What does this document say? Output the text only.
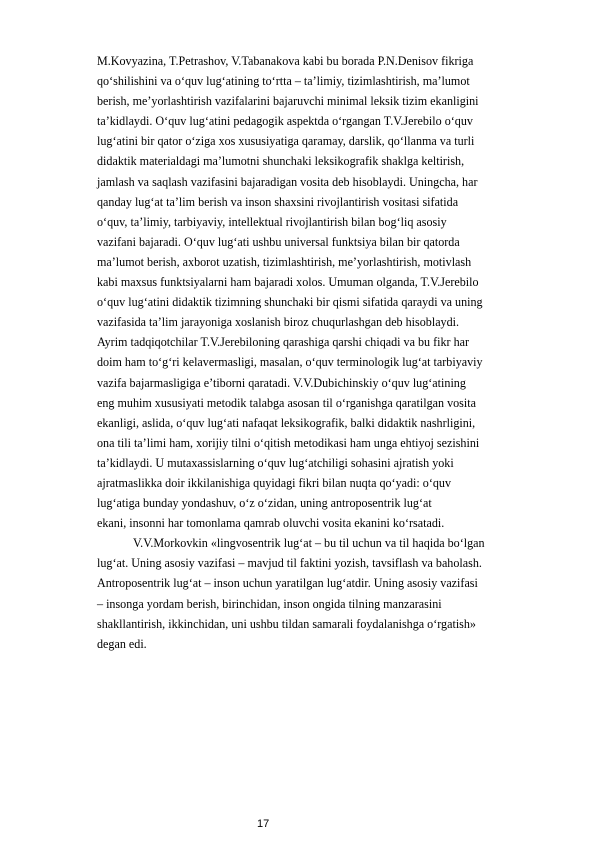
M.Kovyazina, T.Petrashov, V.Tabanakova kabi bu borada P.N.Denisov fikriga
qo‘shilishini va o‘quv lug‘atining to‘rtta – ta’limiy, tizimlashtirish, ma’lumot
berish, me’yorlashtirish vazifalarini bajaruvchi minimal leksik tizim ekanligini
ta’kidlaydi. O‘quv lug‘atini pedagogik aspektda o‘rgangan T.V.Jerebilo o‘quv
lug‘atini bir qator o‘ziga xos xususiyatiga qaramay, darslik, qo‘llanma va turli
didaktik materialdagi ma’lumotni shunchaki leksikografik shaklga keltirish,
jamlash va saqlash vazifasini bajaradigan vosita deb hisoblaydi. Uningcha, har
qanday lug‘at ta’lim berish va inson shaxsini rivojlantirish vositasi sifatida
o‘quv, ta’limiy, tarbiyaviy, intellektual rivojlantirish bilan bog‘liq asosiy
vazifani bajaradi. O‘quv lug‘ati ushbu universal funktsiya bilan bir qatorda
ma’lumot berish, axborot uzatish, tizimlashtirish, me’yorlashtirish, motivlash
kabi maxsus funktsiyalarni ham bajaradi xolos. Umuman olganda, T.V.Jerebilo
o‘quv lug‘atini didaktik tizimning shunchaki bir qismi sifatida qaraydi va uning
vazifasida ta’lim jarayoniga xoslanish biroz chuqurlashgan deb hisoblaydi.
Ayrim tadqiqotchilar T.V.Jerebiloning qarashiga qarshi chiqadi va bu fikr har
doim ham to‘g‘ri kelavermasligi, masalan, o‘quv terminologik lug‘at tarbiyaviy
vazifa bajarmasligiga e’tiborni qaratadi. V.V.Dubichinskiy o‘quv lug‘atining
eng muhim xususiyati metodik talabga asosan til o‘rganishga qaratilgan vosita
ekanligi, aslida, o‘quv lug‘ati nafaqat leksikografik, balki didaktik nashrligini,
ona tili ta’limi ham, xorijiy tilni o‘qitish metodikasi ham unga ehtiyoj sezishini
ta’kidlaydi. U mutaxassislarning o‘quv lug‘atchiligi sohasini ajratish yoki
ajratmaslikka doir ikkilanishiga quyidagi fikri bilan nuqta qo‘yadi: o‘quv
lug‘atiga bunday yondashuv, o‘z o‘zidan, uning antroposentrik lug‘at
ekani, insonni har tomonlama qamrab oluvchi vosita ekanini ko‘rsatadi.
V.V.Morkovkin «lingvosentrik lug‘at – bu til uchun va til haqida bo‘lgan
lug‘at. Uning asosiy vazifasi – mavjud til faktini yozish, tavsiflash va baholash.
Antroposentrik lug‘at – inson uchun yaratilgan lug‘atdir. Uning asosiy vazifasi
– insonga yordam berish, birinchidan, inson ongida tilning manzarasini
shakllantirish, ikkinchidan, uni ushbu tildan samarali foydalanishga o‘rgatish»
degan edi.
17
